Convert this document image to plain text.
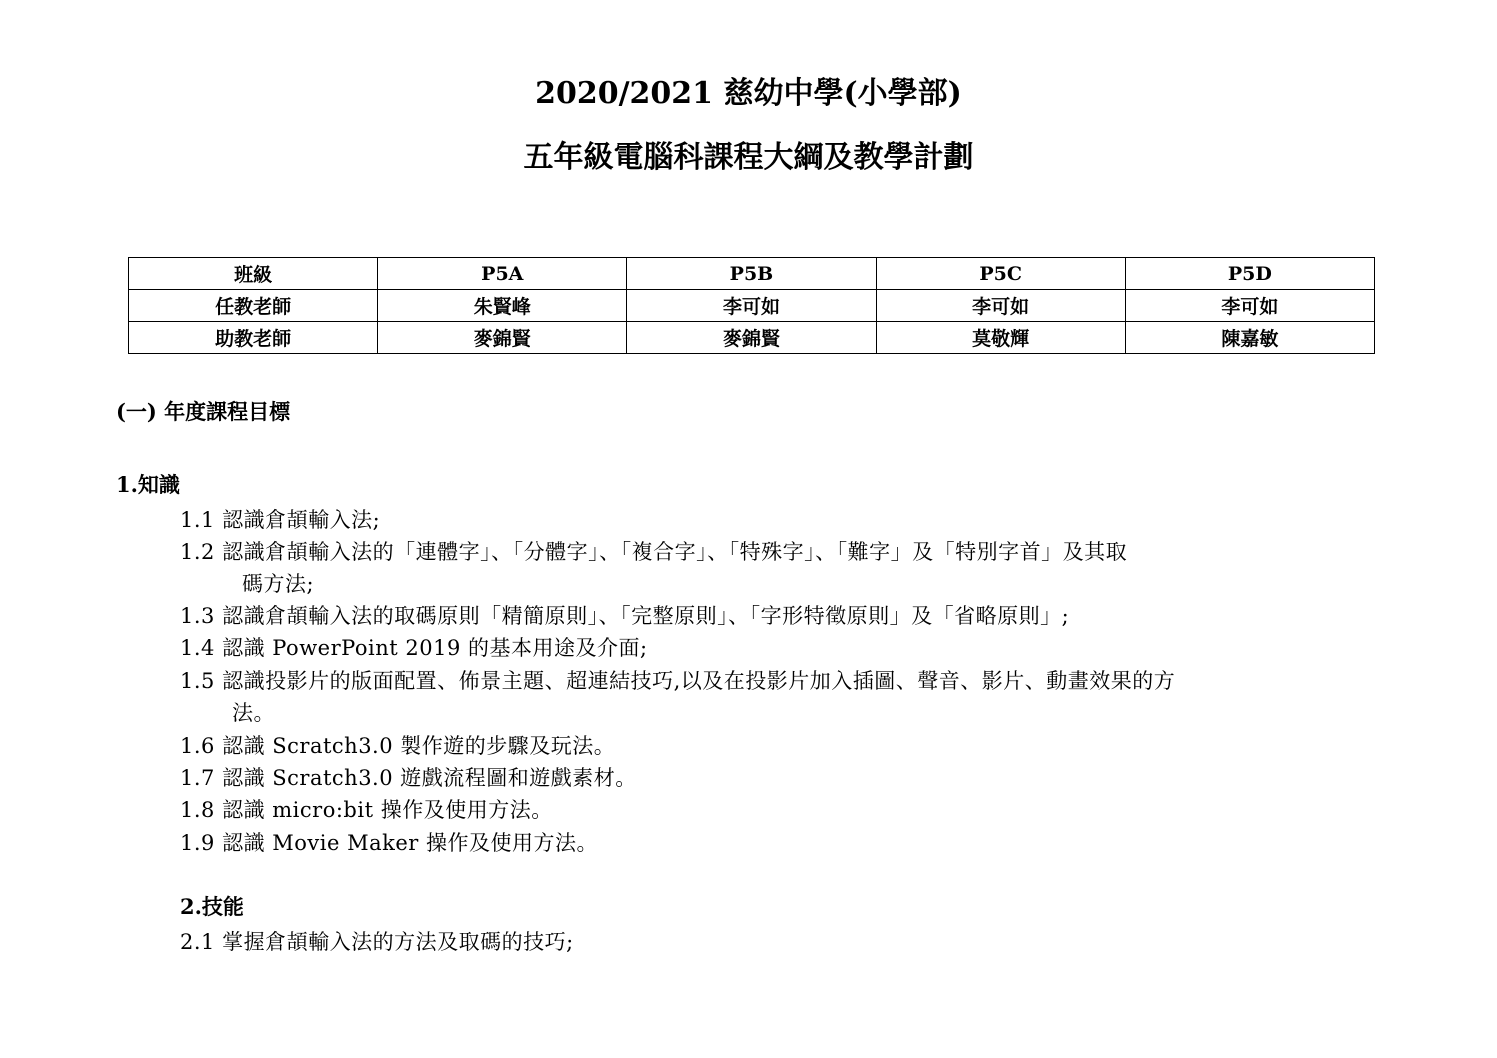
2020/2021 慈幼中學(小學部)
五年級電腦科課程大綱及教學計劃
班級	P5A	P5B	P5C	P5D
任教老師	朱賢峰	李可如	李可如	李可如
助教老師	麥錦賢	麥錦賢	莫敬輝	陳嘉敏
(一) 年度課程目標
1.知識
1.1 認識倉頡輸入法;
1.2 認識倉頡輸入法的「連體字」、「分體字」、「複合字」、「特殊字」、「難字」及「特別字首」及其取
碼方法;
1.3 認識倉頡輸入法的取碼原則「精簡原則」、「完整原則」、「字形特徵原則」及「省略原則」;
1.4 認識 PowerPoint 2019 的基本用途及介面;
1.5 認識投影片的版面配置、佈景主題、超連結技巧,以及在投影片加入插圖、聲音、影片、動畫效果的方
法。
1.6 認識 Scratch3.0 製作遊的步驟及玩法。
1.7 認識 Scratch3.0 遊戲流程圖和遊戲素材。
1.8 認識 micro:bit 操作及使用方法。
1.9 認識 Movie Maker 操作及使用方法。
2.技能
2.1 掌握倉頡輸入法的方法及取碼的技巧;
